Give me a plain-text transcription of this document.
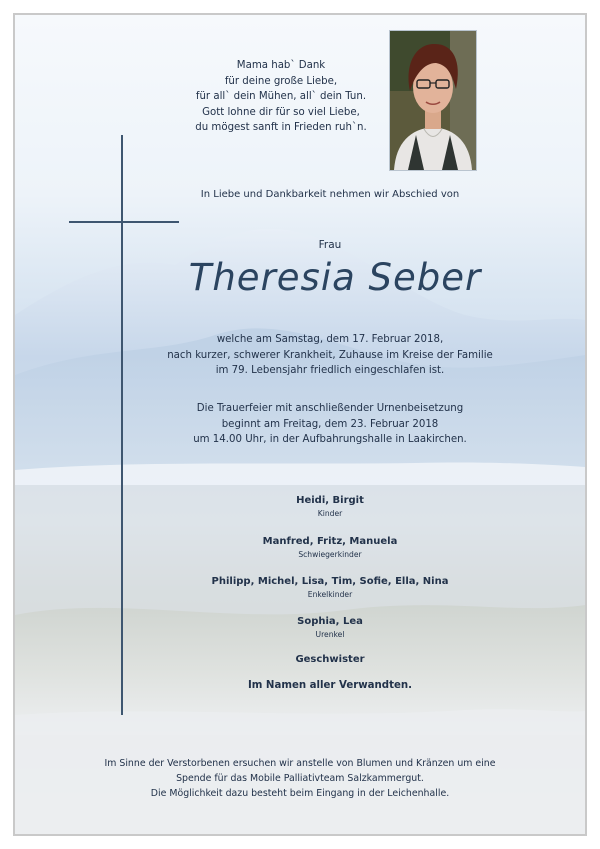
Mama hab` Dank
für deine große Liebe,
für all` dein Mühen, all` dein Tun.
Gott lohne dir für so viel Liebe,
du mögest sanft in Frieden ruh`n.
In Liebe und Dankbarkeit nehmen wir Abschied von
Frau
Theresia Seber
welche am Samstag, dem 17. Februar 2018,
nach kurzer, schwerer Krankheit, Zuhause im Kreise der Familie
im 79. Lebensjahr friedlich eingeschlafen ist.
Die Trauerfeier mit anschließender Urnenbeisetzung
beginnt am Freitag, dem 23. Februar 2018
um 14.00 Uhr, in der Aufbahrungshalle in Laakirchen.
Heidi, Birgit
Kinder
Manfred, Fritz, Manuela
Schwiegerkinder
Philipp, Michel, Lisa, Tim, Sofie, Ella, Nina
Enkelkinder
Sophia, Lea
Urenkel
Geschwister
Im Namen aller Verwandten.
Im Sinne der Verstorbenen ersuchen wir anstelle von Blumen und Kränzen um eine
Spende für das Mobile Palliativteam Salzkammergut.
Die Möglichkeit dazu besteht beim Eingang in der Leichenhalle.
